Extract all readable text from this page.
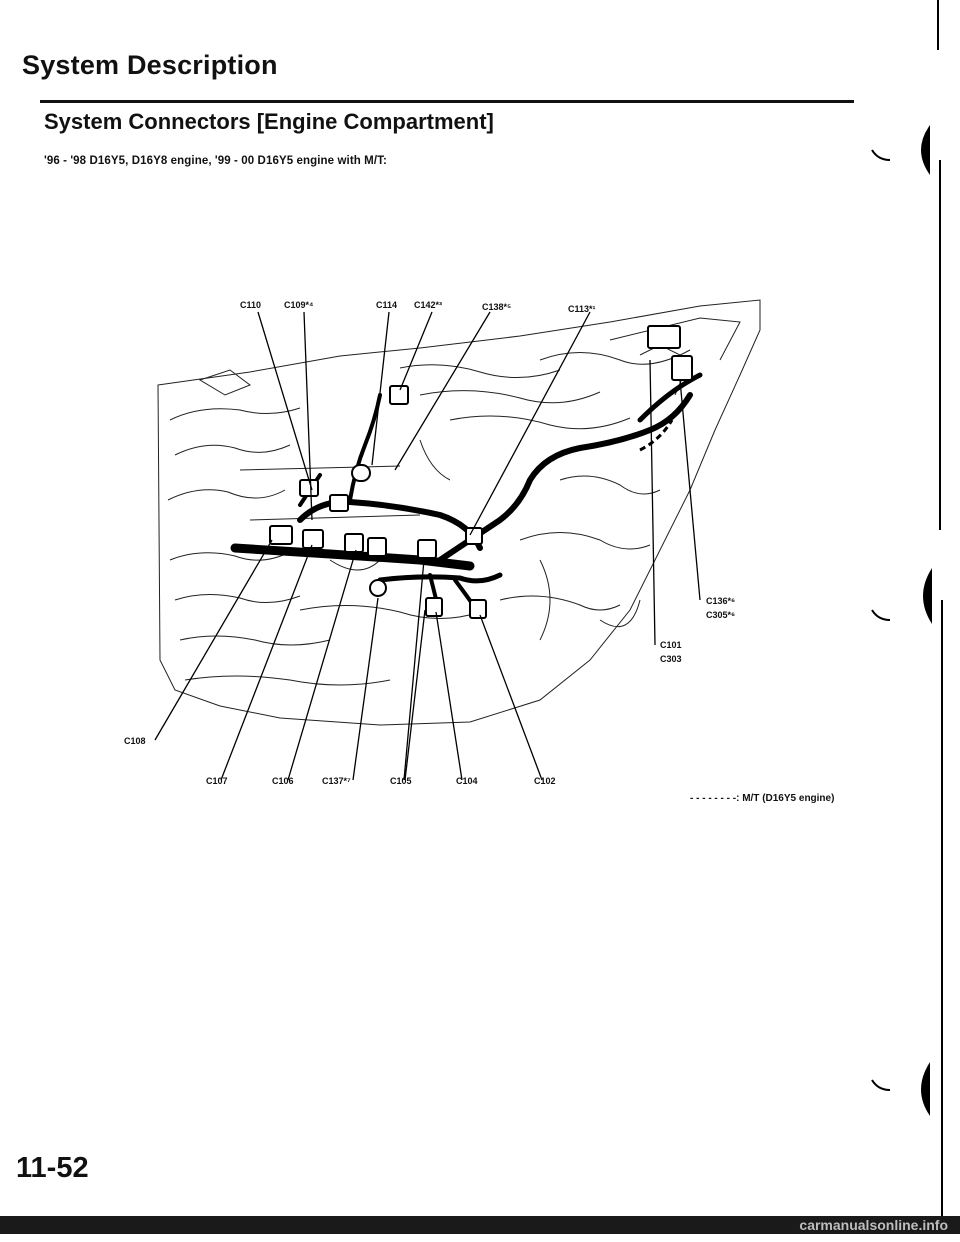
System Description
System Connectors [Engine Compartment]
'96 - '98 D16Y5, D16Y8 engine, '99 - 00 D16Y5 engine with M/T:
C110	C109*⁴	C114 C142*³	C138*⁵	C113*¹
C136*⁶
C305*⁶
C101
C303
C108
C107	C106	C137*⁷	C105	C104	C102
- - - - - - - -: M/T (D16Y5 engine)
11-52
carmanualsonline.info
